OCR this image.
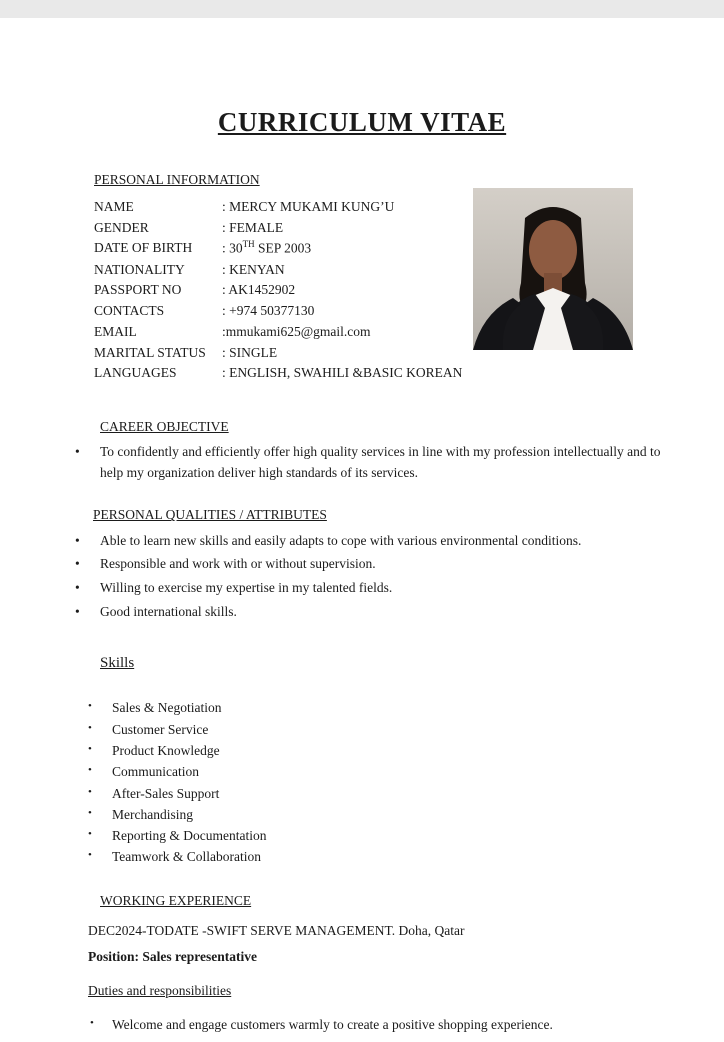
CURRICULUM VITAE
PERSONAL INFORMATION
NAME	: MERCY MUKAMI KUNG’U
GENDER	: FEMALE
DATE OF BIRTH	: 30TH SEP 2003
NATIONALITY	: KENYAN
PASSPORT NO	: AK1452902
CONTACTS	: +974 50377130
EMAIL	:mmukami625@gmail.com
MARITAL STATUS	: SINGLE
LANGUAGES	: ENGLISH, SWAHILI &BASIC KOREAN
CAREER OBJECTIVE
• To confidently and efficiently offer high quality services in line with my profession intellectually and to help my organization deliver high standards of its services.
PERSONAL QUALITIES / ATTRIBUTES
• Able to learn new skills and easily adapts to cope with various environmental conditions.
• Responsible and work with or without supervision.
• Willing to exercise my expertise in my talented fields.
• Good international skills.
Skills
• Sales & Negotiation
• Customer Service
• Product Knowledge
• Communication
• After-Sales Support
• Merchandising
• Reporting & Documentation
• Teamwork & Collaboration
WORKING EXPERIENCE
DEC2024-TODATE -SWIFT SERVE MANAGEMENT. Doha, Qatar
Position: Sales representative
Duties and responsibilities
• Welcome and engage customers warmly to create a positive shopping experience.
